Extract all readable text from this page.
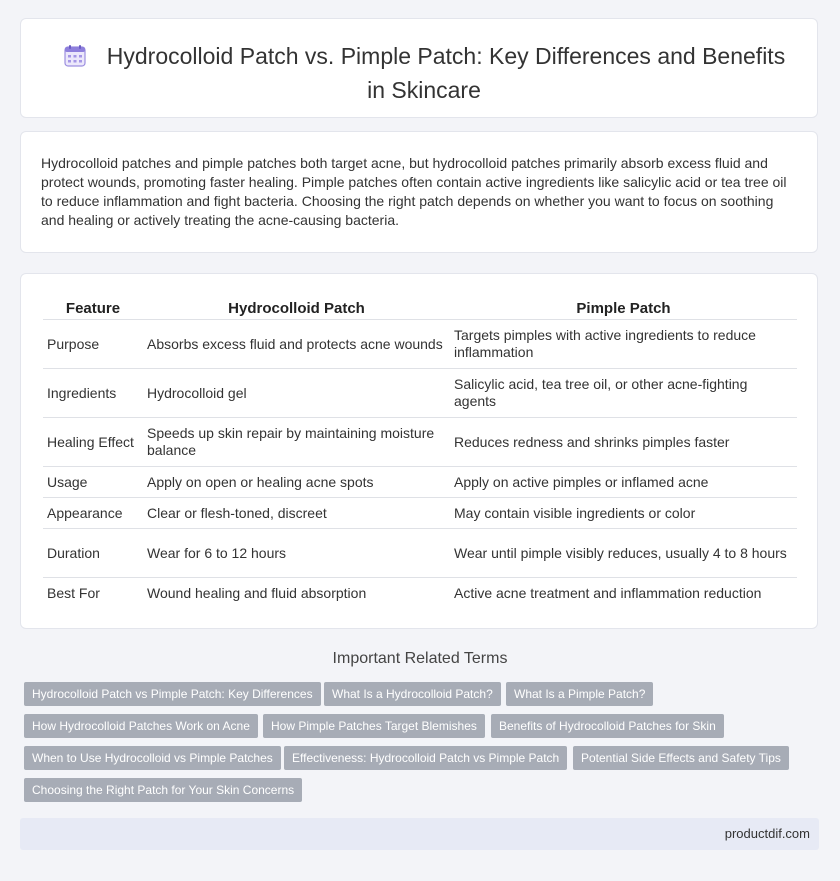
Hydrocolloid Patch vs. Pimple Patch: Key Differences and Benefits
in Skincare

Hydrocolloid patches and pimple patches both target acne, but hydrocolloid patches primarily absorb excess fluid and protect wounds, promoting faster healing. Pimple patches often contain active ingredients like salicylic acid or tea tree oil to reduce inflammation and fight bacteria. Choosing the right patch depends on whether you want to focus on soothing and healing or actively treating the acne-causing bacteria.

Feature	Hydrocolloid Patch	Pimple Patch
Purpose	Absorbs excess fluid and protects acne wounds	Targets pimples with active ingredients to reduce inflammation
Ingredients	Hydrocolloid gel	Salicylic acid, tea tree oil, or other acne-fighting agents
Healing Effect	Speeds up skin repair by maintaining moisture balance	Reduces redness and shrinks pimples faster
Usage	Apply on open or healing acne spots	Apply on active pimples or inflamed acne
Appearance	Clear or flesh-toned, discreet	May contain visible ingredients or color
Duration	Wear for 6 to 12 hours	Wear until pimple visibly reduces, usually 4 to 8 hours
Best For	Wound healing and fluid absorption	Active acne treatment and inflammation reduction
Important Related Terms
Hydrocolloid Patch vs Pimple Patch: Key Differences	What Is a Hydrocolloid Patch?	What Is a Pimple Patch?
How Hydrocolloid Patches Work on Acne	How Pimple Patches Target Blemishes	Benefits of Hydrocolloid Patches for Skin
When to Use Hydrocolloid vs Pimple Patches	Effectiveness: Hydrocolloid Patch vs Pimple Patch	Potential Side Effects and Safety Tips
Choosing the Right Patch for Your Skin Concerns
productdif.com
